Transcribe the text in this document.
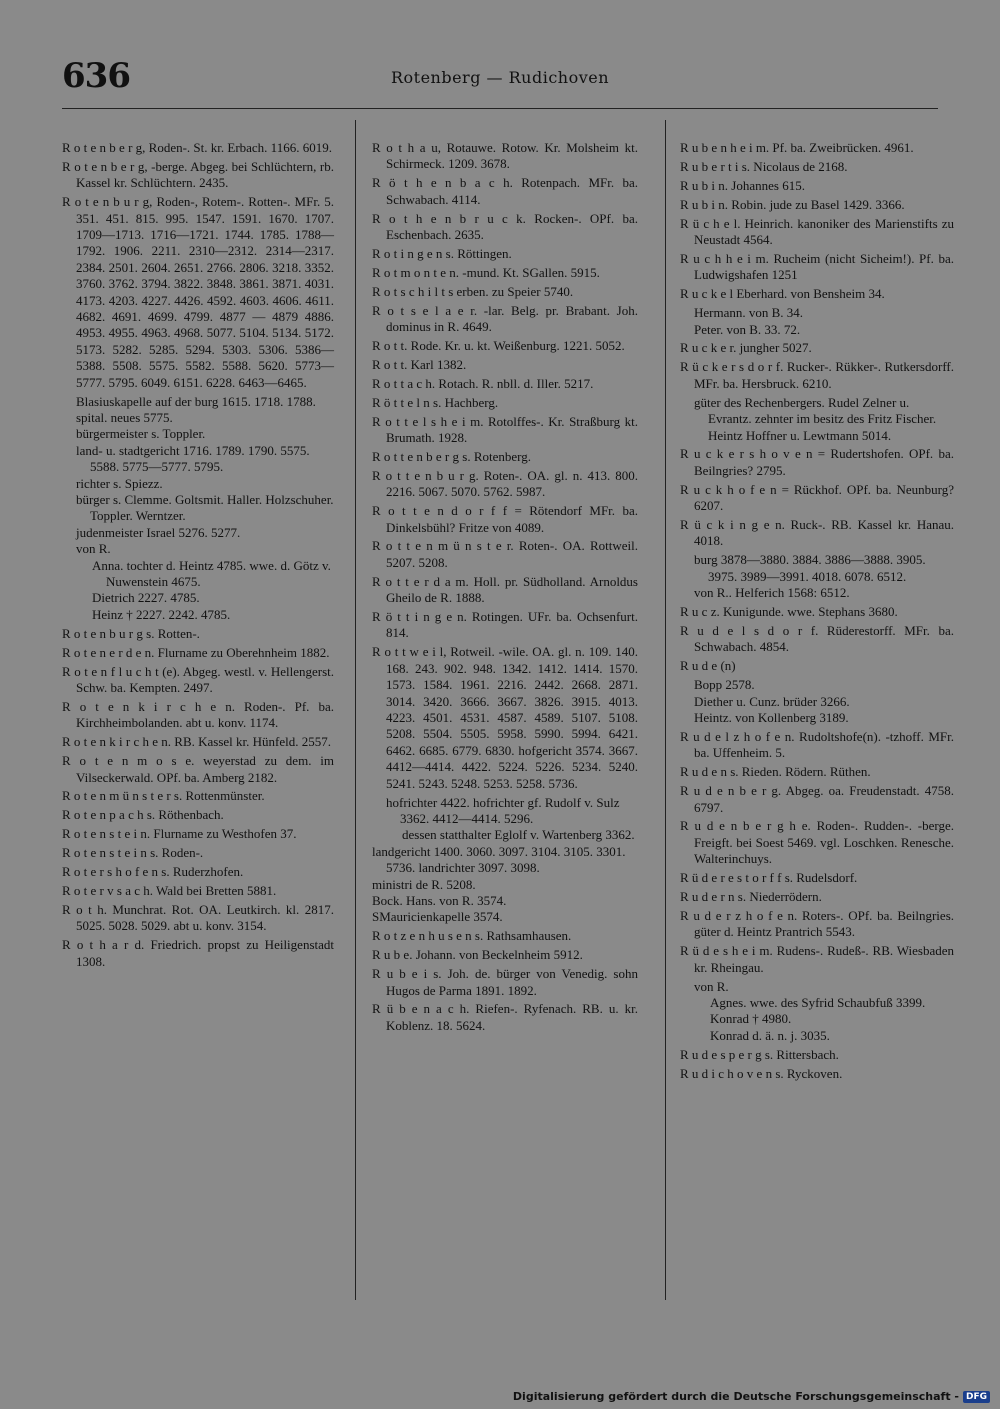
636	Rotenberg — Rudichoven
R o t e n b e r g, Roden-. St. kr. Erbach. 1166. 6019.
R o t e n b e r g, -berge. Abgeg. bei Schlüchtern, rb. Kassel kr. Schlüchtern. 2435.
R o t e n b u r g, Roden-, Rotem-. Rotten-. MFr. 5. 351. 451. 815. 995. 1547. 1591. 1670. 1707. 1709—1713. 1716—1721. 1744. 1785. 1788—1792. 1906. 2211. 2310—2312. 2314—2317. 2384. 2501. 2604. 2651. 2766. 2806. 3218. 3352. 3760. 3762. 3794. 3822. 3848. 3861. 3871. 4031. 4173. 4203. 4227. 4426. 4592. 4603. 4606. 4611. 4682. 4691. 4699. 4799. 4877 — 4879 4886. 4953. 4955. 4963. 4968. 5077. 5104. 5134. 5172. 5173. 5282. 5285. 5294. 5303. 5306. 5386—5388. 5508. 5575. 5582. 5588. 5620. 5773—5777. 5795. 6049. 6151. 6228. 6463—6465.
Blasiuskapelle auf der burg 1615. 1718. 1788.
spital. neues 5775.
bürgermeister s. Toppler.
land- u. stadtgericht 1716. 1789. 1790. 5575. 5588. 5775—5777. 5795.
richter s. Spiezz.
bürger s. Clemme. Goltsmit. Haller. Holzschuher. Toppler. Werntzer.
judenmeister Israel 5276. 5277.
von R.
Anna. tochter d. Heintz 4785. wwe. d. Götz v. Nuwenstein 4675.
Dietrich 2227. 4785.
Heinz † 2227. 2242. 4785.
R o t e n b u r g s. Rotten-.
R o t e n e r d e n. Flurname zu Oberehnheim 1882.
R o t e n f l u c h t (e). Abgeg. westl. v. Hellengerst. Schw. ba. Kempten. 2497.
R o t e n k i r c h e n. Roden-. Pf. ba. Kirchheimbolanden. abt u. konv. 1174.
R o t e n k i r c h e n. RB. Kassel kr. Hünfeld. 2557.
R o t e n m o s e. weyerstad zu dem. im Vilseckerwald. OPf. ba. Amberg 2182.
R o t e n m ü n s t e r s. Rottenmünster.
R o t e n p a c h s. Röthenbach.
R o t e n s t e i n. Flurname zu Westhofen 37.
R o t e n s t e i n s. Roden-.
R o t e r s h o f e n s. Ruderzhofen.
R o t e r v s a c h. Wald bei Bretten 5881.
R o t h. Munchrat. Rot. OA. Leutkirch. kl. 2817. 5025. 5028. 5029. abt u. konv. 3154.
R o t h a r d. Friedrich. propst zu Heiligenstadt 1308.
R o t h a u, Rotauwe. Rotow. Kr. Molsheim kt. Schirmeck. 1209. 3678.
R ö t h e n b a c h. Rotenpach. MFr. ba. Schwabach. 4114.
R o t h e n b r u c k. Rocken-. OPf. ba. Eschenbach. 2635.
R o t i n g e n s. Röttingen.
R o t m o n t e n. -mund. Kt. SGallen. 5915.
R o t s c h i l t s erben. zu Speier 5740.
R o t s e l a e r. -lar. Belg. pr. Brabant. Joh. dominus in R. 4649.
R o t t. Rode. Kr. u. kt. Weißenburg. 1221. 5052.
R o t t. Karl 1382.
R o t t a c h. Rotach. R. nbll. d. Iller. 5217.
R ö t t e l n s. Hachberg.
R o t t e l s h e i m. Rotolffes-. Kr. Straßburg kt. Brumath. 1928.
R o t t e n b e r g s. Rotenberg.
R o t t e n b u r g. Roten-. OA. gl. n. 413. 800. 2216. 5067. 5070. 5762. 5987.
R o t t e n d o r f f = Rötendorf MFr. ba. Dinkelsbühl? Fritze von 4089.
R o t t e n m ü n s t e r. Roten-. OA. Rottweil. 5207. 5208.
R o t t e r d a m. Holl. pr. Südholland. Arnoldus Gheilo de R. 1888.
R ö t t i n g e n. Rotingen. UFr. ba. Ochsenfurt. 814.
R o t t w e i l, Rotweil. -wile. OA. gl. n. 109. 140. 168. 243. 902. 948. 1342. 1412. 1414. 1570. 1573. 1584. 1961. 2216. 2442. 2668. 2871. 3014. 3420. 3666. 3667. 3826. 3915. 4013. 4223. 4501. 4531. 4587. 4589. 5107. 5108. 5208. 5504. 5505. 5958. 5990. 5994. 6421. 6462. 6685. 6779. 6830. hofgericht 3574. 3667. 4412—4414. 4422. 5224. 5226. 5234. 5240. 5241. 5243. 5248. 5253. 5258. 5736.
hofrichter 4422. hofrichter gf. Rudolf v. Sulz 3362. 4412—4414. 5296.
dessen statthalter Eglolf v. Wartenberg 3362.
landgericht 1400. 3060. 3097. 3104. 3105. 3301. 5736. landrichter 3097. 3098.
ministri de R. 5208.
Bock. Hans. von R. 3574.
SMauricienkapelle 3574.
R o t z e n h u s e n s. Rathsamhausen.
R u b e. Johann. von Beckelnheim 5912.
R u b e i s. Joh. de. bürger von Venedig. sohn Hugos de Parma 1891. 1892.
R ü b e n a c h. Riefen-. Ryfenach. RB. u. kr. Koblenz. 18. 5624.
R u b e n h e i m. Pf. ba. Zweibrücken. 4961.
R u b e r t i s. Nicolaus de 2168.
R u b i n. Johannes 615.
R u b i n. Robin. jude zu Basel 1429. 3366.
R ü c h e l. Heinrich. kanoniker des Marienstifts zu Neustadt 4564.
R u c h h e i m. Rucheim (nicht Sicheim!). Pf. ba. Ludwigshafen 1251
R u c k e l Eberhard. von Bensheim 34.
Hermann. von B. 34.
Peter. von B. 33. 72.
R u c k e r. jungher 5027.
R ü c k e r s d o r f. Rucker-. Rükker-. Rutkersdorff. MFr. ba. Hersbruck. 6210.
güter des Rechenbergers. Rudel Zelner u. Evrantz. zehnter im besitz des Fritz Fischer. Heintz Hoffner u. Lewtmann 5014.
R u c k e r s h o v e n = Rudertshofen. OPf. ba. Beilngries? 2795.
R u c k h o f e n = Rückhof. OPf. ba. Neunburg? 6207.
R ü c k i n g e n. Ruck-. RB. Kassel kr. Hanau. 4018.
burg 3878—3880. 3884. 3886—3888. 3905. 3975. 3989—3991. 4018. 6078. 6512.
von R.. Helferich 1568: 6512.
R u c z. Kunigunde. wwe. Stephans 3680.
R u d e l s d o r f. Rüderestorff. MFr. ba. Schwabach. 4854.
R u d e (n)
Bopp 2578.
Diether u. Cunz. brüder 3266.
Heintz. von Kollenberg 3189.
R u d e l z h o f e n. Rudoltshofe(n). -tzhoff. MFr. ba. Uffenheim. 5.
R u d e n s. Rieden. Rödern. Rüthen.
R u d e n b e r g. Abgeg. oa. Freudenstadt. 4758. 6797.
R u d e n b e r g h e. Roden-. Rudden-. -berge. Freigft. bei Soest 5469. vgl. Loschken. Renesche. Walterinchuys.
R ü d e r e s t o r f f s. Rudelsdorf.
R u d e r n s. Niederrödern.
R u d e r z h o f e n. Roters-. OPf. ba. Beilngries. güter d. Heintz Prantrich 5543.
R ü d e s h e i m. Rudens-. Rudeß-. RB. Wiesbaden kr. Rheingau.
von R.
Agnes. wwe. des Syfrid Schaubfuß 3399.
Konrad † 4980.
Konrad d. ä. n. j. 3035.
R u d e s p e r g s. Rittersbach.
R u d i c h o v e n s. Ryckoven.
Digitalisierung gefördert durch die Deutsche Forschungsgemeinschaft - DFG
